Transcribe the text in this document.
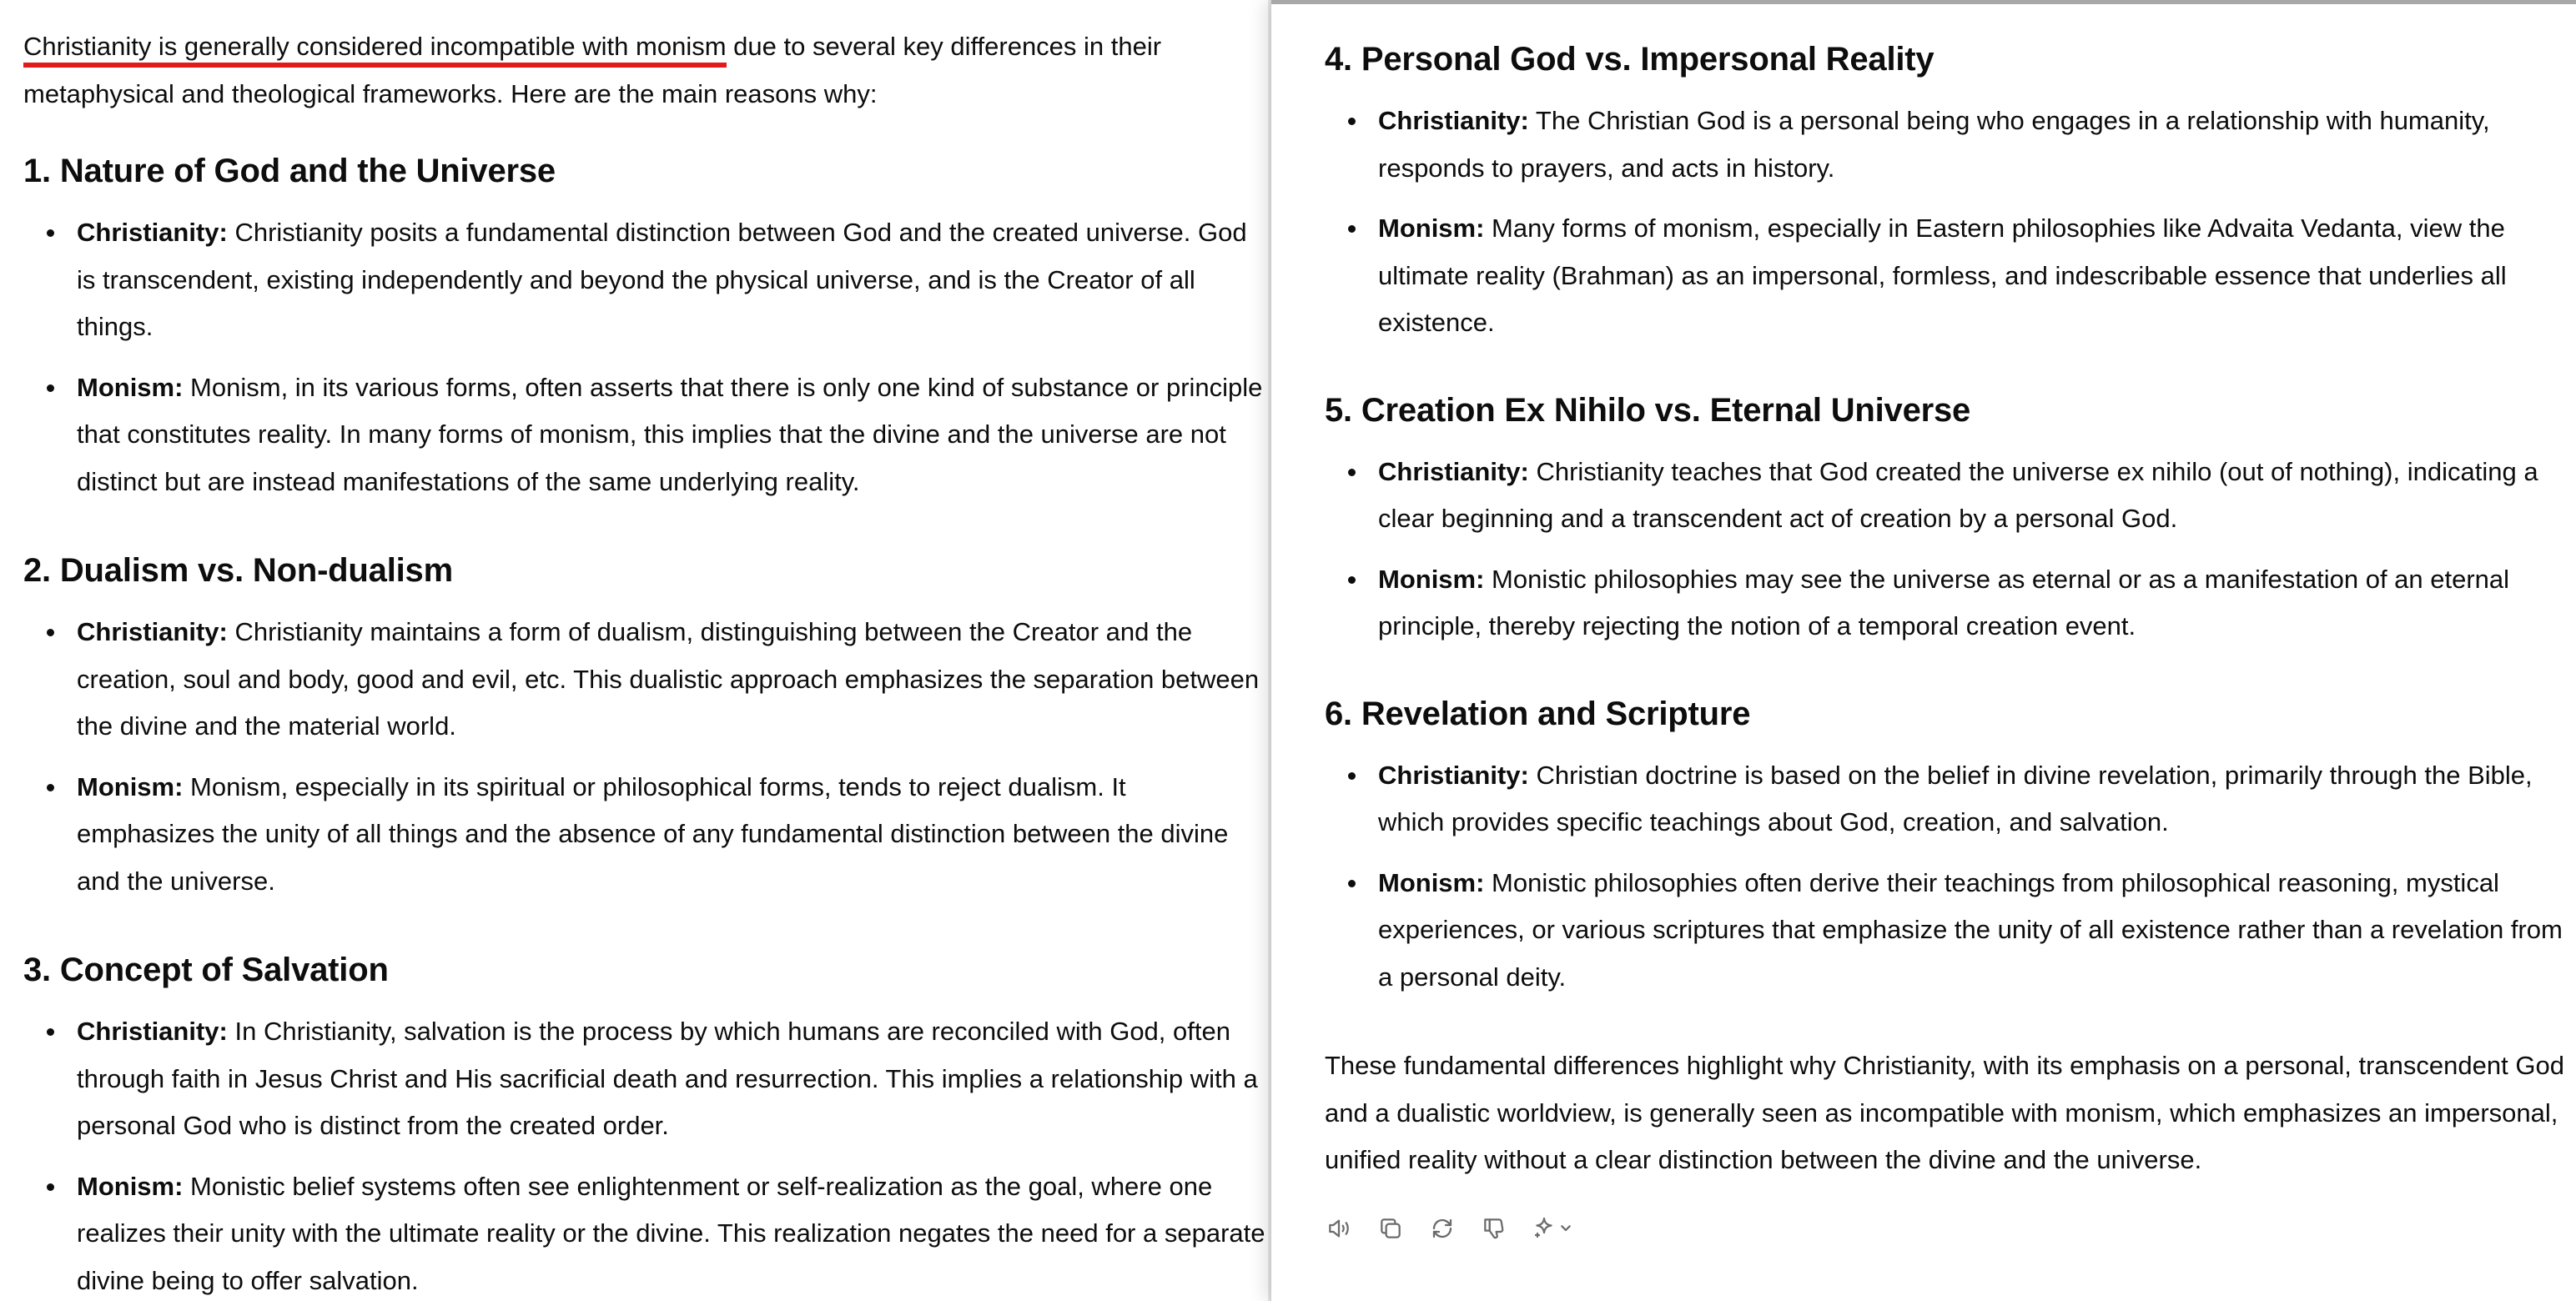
Christianity is generally considered incompatible with monism due to several key differences in their metaphysical and theological frameworks. Here are the main reasons why:

1. Nature of God and the Universe
Christianity: Christianity posits a fundamental distinction between God and the created universe. God is transcendent, existing independently and beyond the physical universe, and is the Creator of all things.
Monism: Monism, in its various forms, often asserts that there is only one kind of substance or principle that constitutes reality. In many forms of monism, this implies that the divine and the universe are not distinct but are instead manifestations of the same underlying reality.
2. Dualism vs. Non-dualism
Christianity: Christianity maintains a form of dualism, distinguishing between the Creator and the creation, soul and body, good and evil, etc. This dualistic approach emphasizes the separation between the divine and the material world.
Monism: Monism, especially in its spiritual or philosophical forms, tends to reject dualism. It emphasizes the unity of all things and the absence of any fundamental distinction between the divine and the universe.
3. Concept of Salvation
Christianity: In Christianity, salvation is the process by which humans are reconciled with God, often through faith in Jesus Christ and His sacrificial death and resurrection. This implies a relationship with a personal God who is distinct from the created order.
Monism: Monistic belief systems often see enlightenment or self-realization as the goal, where one realizes their unity with the ultimate reality or the divine. This realization negates the need for a separate divine being to offer salvation.
4. Personal God vs. Impersonal Reality
Christianity: The Christian God is a personal being who engages in a relationship with humanity, responds to prayers, and acts in history.
Monism: Many forms of monism, especially in Eastern philosophies like Advaita Vedanta, view the ultimate reality (Brahman) as an impersonal, formless, and indescribable essence that underlies all existence.
5. Creation Ex Nihilo vs. Eternal Universe
Christianity: Christianity teaches that God created the universe ex nihilo (out of nothing), indicating a clear beginning and a transcendent act of creation by a personal God.
Monism: Monistic philosophies may see the universe as eternal or as a manifestation of an eternal principle, thereby rejecting the notion of a temporal creation event.
6. Revelation and Scripture
Christianity: Christian doctrine is based on the belief in divine revelation, primarily through the Bible, which provides specific teachings about God, creation, and salvation.
Monism: Monistic philosophies often derive their teachings from philosophical reasoning, mystical experiences, or various scriptures that emphasize the unity of all existence rather than a revelation from a personal deity.

These fundamental differences highlight why Christianity, with its emphasis on a personal, transcendent God and a dualistic worldview, is generally seen as incompatible with monism, which emphasizes an impersonal, unified reality without a clear distinction between the divine and the universe.
